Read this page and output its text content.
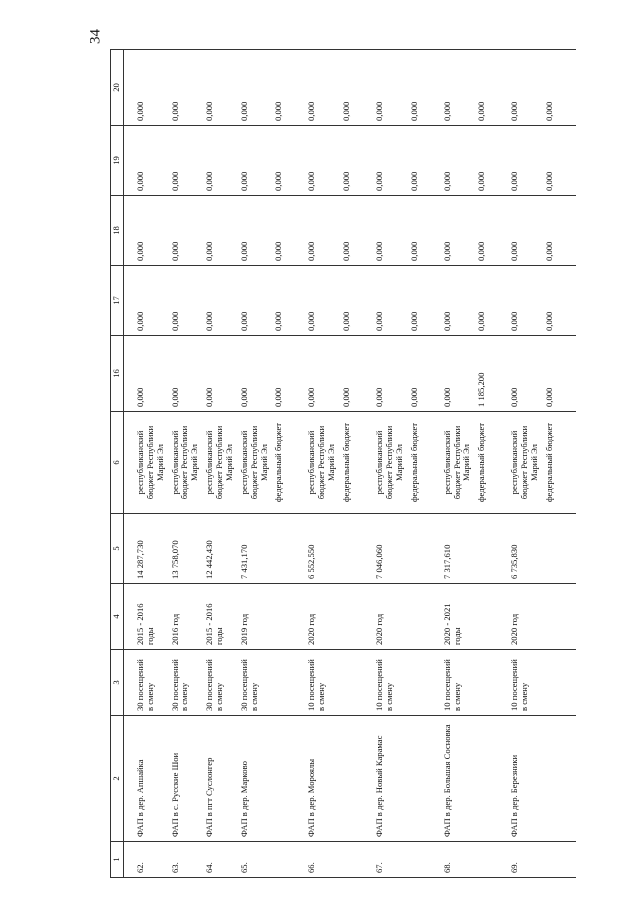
34
1	2	3	4	5	6	16	17	18	19	20
62.	ФАП в дер. Апшайка	30 посещений в смену	2015 - 2016 годы	14 287,730	республиканский бюджет Республики Марий Эл	0,000	0,000	0,000	0,000	0,000
63.	ФАП в с. Русские Шои	30 посещений в смену	2016 год	13 758,070	республиканский бюджет Республики Марий Эл	0,000	0,000	0,000	0,000	0,000
64.	ФАП в пгт Суслонгер	30 посещений в смену	2015 - 2016 годы	12 442,430	республиканский бюджет Республики Марий Эл	0,000	0,000	0,000	0,000	0,000
65.	ФАП в дер. Марково	30 посещений в смену	2019 год	7 431,170	республиканский бюджет Республики Марий Эл	0,000	0,000	0,000	0,000	0,000
					федеральный бюджет	0,000	0,000	0,000	0,000	0,000
66.	ФАП в дер. Мороялы	10 посещений в смену	2020 год	6 552,550	республиканский бюджет Республики Марий Эл	0,000	0,000	0,000	0,000	0,000
					федеральный бюджет	0,000	0,000	0,000	0,000	0,000
67.	ФАП в дер. Новый Карамас	10 посещений в смену	2020 год	7 046,060	республиканский бюджет Республики Марий Эл	0,000	0,000	0,000	0,000	0,000
					федеральный бюджет	0,000	0,000	0,000	0,000	0,000
68.	ФАП в дер. Большая Сосновка	10 посещений в смену	2020 - 2021 годы	7 317,610	республиканский бюджет Республики Марий Эл	0,000	0,000	0,000	0,000	0,000
					федеральный бюджет	1 185,200	0,000	0,000	0,000	0,000
69.	ФАП в дер. Березники	10 посещений в смену	2020 год	6 735,830	республиканский бюджет Республики Марий Эл	0,000	0,000	0,000	0,000	0,000
					федеральный бюджет	0,000	0,000	0,000	0,000	0,000
